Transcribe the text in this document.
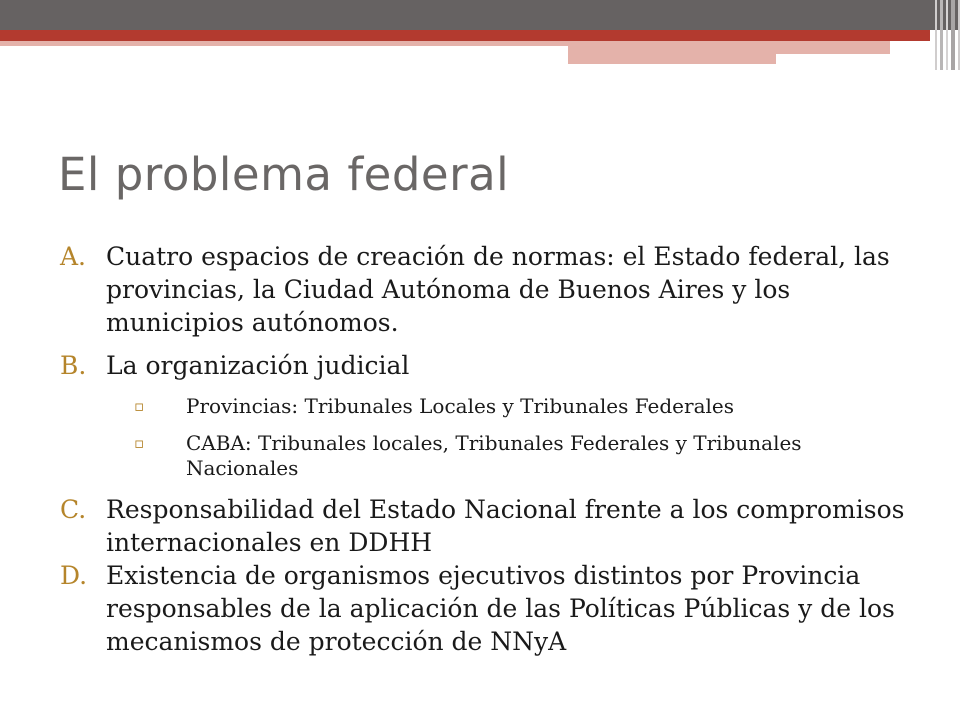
El problema federal
A. Cuatro espacios de creación de normas: el Estado federal, las provincias, la Ciudad Autónoma de Buenos Aires y los municipios autónomos.
B. La organización judicial
▫ Provincias: Tribunales Locales y Tribunales Federales
▫ CABA: Tribunales locales, Tribunales Federales y Tribunales Nacionales
C. Responsabilidad del Estado Nacional frente a los compromisos internacionales en DDHH
D. Existencia de organismos ejecutivos distintos por Provincia responsables de la aplicación de las Políticas Públicas y de los mecanismos de protección de NNyA
